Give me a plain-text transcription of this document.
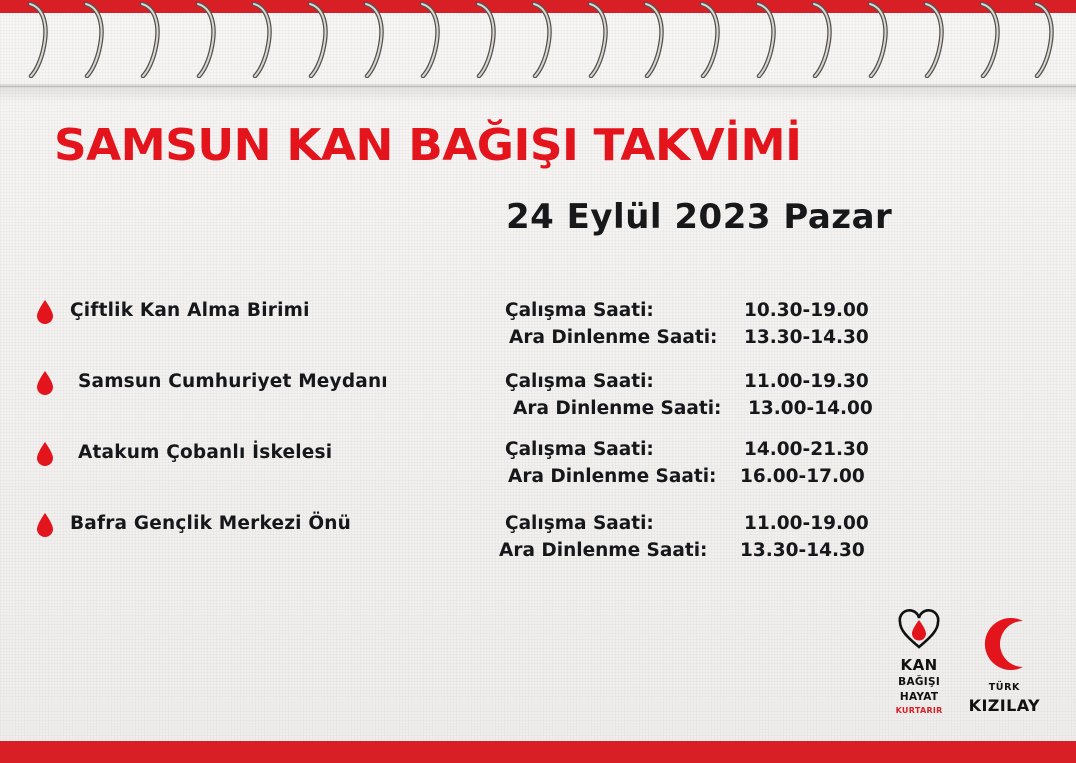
SAMSUN KAN BAĞIŞI TAKVİMİ
24 Eylül 2023 Pazar
Çiftlik Kan Alma Birimi	Çalışma Saati:	10.30-19.00
Ara Dinlenme Saati: 13.30-14.30
Samsun Cumhuriyet Meydanı	Çalışma Saati:	11.00-19.30
Ara Dinlenme Saati: 13.00-14.00
Atakum Çobanlı İskelesi	Çalışma Saati:	14.00-21.30
Ara Dinlenme Saati: 16.00-17.00
Bafra Gençlik Merkezi Önü	Çalışma Saati:	11.00-19.00
Ara Dinlenme Saati: 13.30-14.30
KAN
BAĞIŞI
HAYAT
KURTARIR
TÜRK
KIZILAY
